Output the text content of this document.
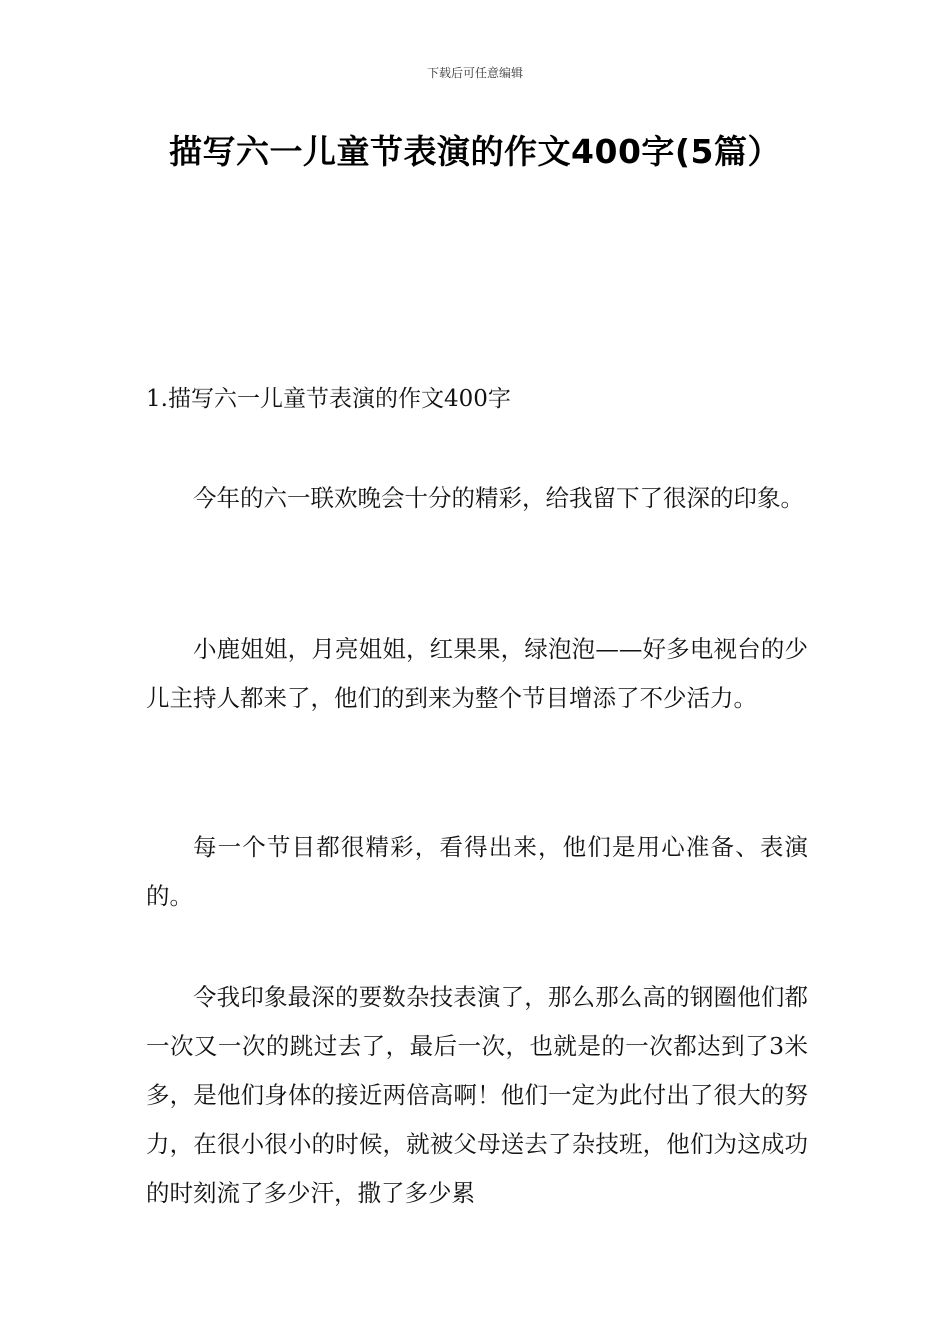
下载后可任意编辑
描写六一儿童节表演的作文400字(5篇）
1.描写六一儿童节表演的作文400字

今年的六一联欢晚会十分的精彩，给我留下了很深的印象。

小鹿姐姐，月亮姐姐，红果果，绿泡泡——好多电视台的少儿主持人都来了，他们的到来为整个节目增添了不少活力。

每一个节目都很精彩，看得出来，他们是用心准备、表演的。

令我印象最深的要数杂技表演了，那么那么高的钢圈他们都一次又一次的跳过去了，最后一次，也就是的一次都达到了3米多，是他们身体的接近两倍高啊！他们一定为此付出了很大的努力，在很小很小的时候，就被父母送去了杂技班，他们为这成功的时刻流了多少汗，撒了多少累
